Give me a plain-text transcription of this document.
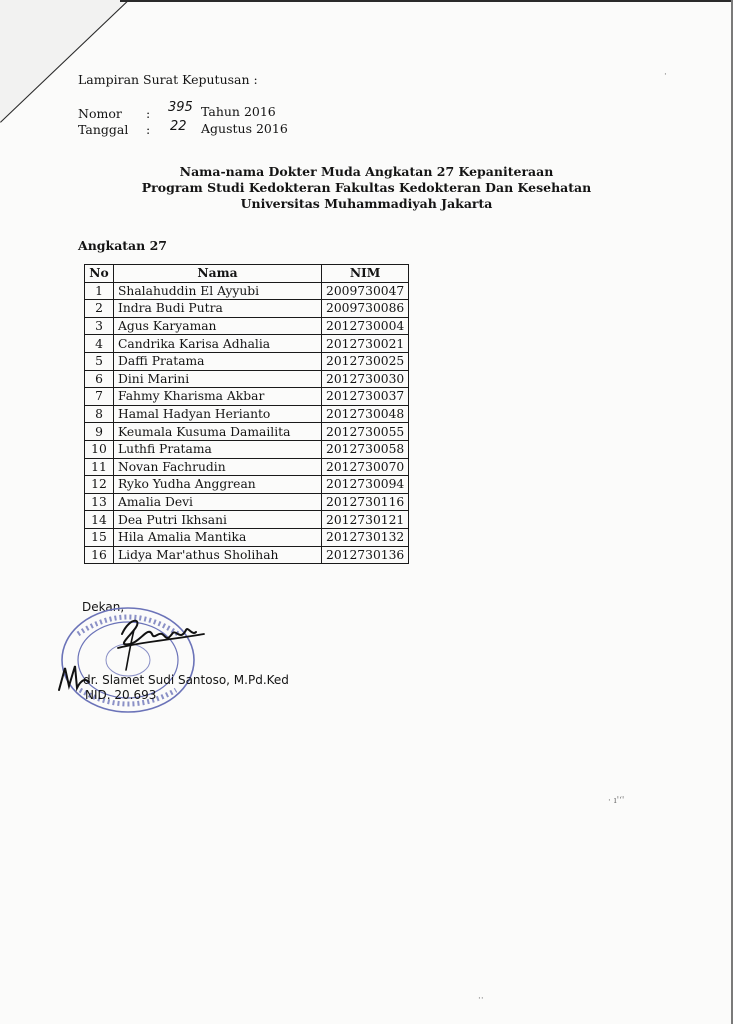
Lampiran Surat Keputusan :
Nomor : 395 Tahun 2016
Tanggal : 22 Agustus 2016
Nama-nama Dokter Muda Angkatan 27 Kepaniteraan
Program Studi Kedokteran Fakultas Kedokteran Dan Kesehatan
Universitas Muhammadiyah Jakarta
Angkatan 27
No	Nama	NIM
1	Shalahuddin El Ayyubi	2009730047
2	Indra Budi Putra	2009730086
3	Agus Karyaman	2012730004
4	Candrika Karisa Adhalia	2012730021
5	Daffi Pratama	2012730025
6	Dini Marini	2012730030
7	Fahmy Kharisma Akbar	2012730037
8	Hamal Hadyan Herianto	2012730048
9	Keumala Kusuma Damailita	2012730055
10	Luthfi Pratama	2012730058
11	Novan Fachrudin	2012730070
12	Ryko Yudha Anggrean	2012730094
13	Amalia Devi	2012730116
14	Dea Putri Ikhsani	2012730121
15	Hila Amalia Mantika	2012730132
16	Lidya Mar'athus Sholihah	2012730136
Dekan,
dr. Slamet Sudi Santoso, M.Pd.Ked
NID. 20.693
· ı'‘'
··
·
